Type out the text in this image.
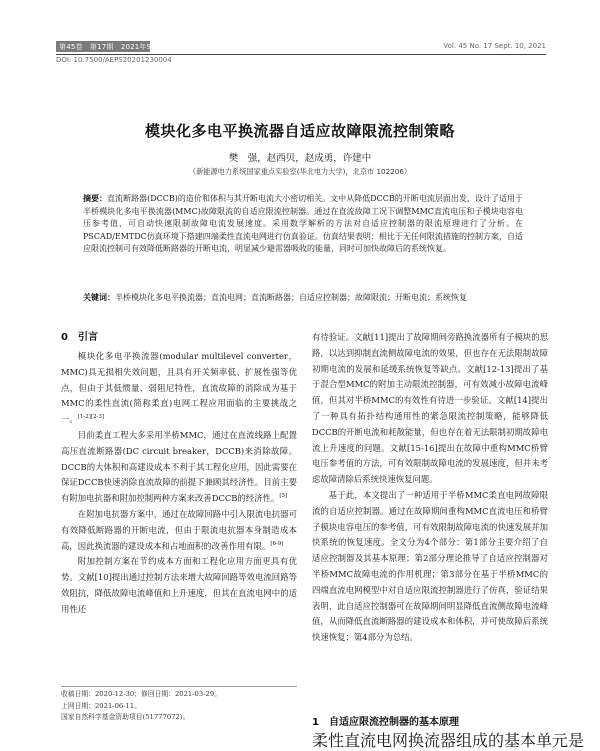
第45卷　第17期　2021年9月10日	Vol. 45 No. 17 Sept. 10, 2021
DOI: 10.7500/AEPS20201230004
模块化多电平换流器自适应故障限流控制策略
樊　强，赵西贝，赵成勇，许建中
（新能源电力系统国家重点实验室(华北电力大学)，北京市 102206）
摘要：直流断路器(DCCB)的造价和体积与其开断电流大小密切相关。文中从降低DCCB的开断电流层面出发，设计了适用于半桥模块化多电平换流器(MMC)故障限流的自适应限流控制器。通过在直流故障工况下调整MMC直流电压和子模块电容电压参考值，可自动快速限制故障电流发展速度。采用数学解析的方法对自适应控制器的限流原理进行了分析。在PSCAD/EMTDC仿真环境下搭建四端柔性直流电网进行仿真验证。仿真结果表明：相比于无任何限流措施的控制方案，自适应限流控制可有效降低断路器的开断电流，明显减少避雷器吸收的能量，同时可加快故障后的系统恢复。
关键词：半桥模块化多电平换流器；直流电网；直流断路器；自适应控制器；故障限流；开断电流；系统恢复
0　引言

模块化多电平换流器(modular multilevel converter，MMC)具无损相失效问题，且具有开关频率低、扩展性强等优点，但由于其低惯量、弱阻尼特性，直流故障的消除成为基于MMC的柔性直流(简称柔直)电网工程应用面临的主要挑战之一。[1-2][2-3]

目前柔直工程大多采用半桥MMC，通过在直流线路上配置高压直流断路器(DC circuit breaker，DCCB)来消除故障。DCCB的大体积和高建设成本不利于其工程化应用，因此需要在保证DCCB快速消除直流故障的前提下兼顾其经济性。目前主要有附加电抗器和附加控制两种方案来改善DCCB的经济性。[5]

在附加电抗器方案中，通过在故障回路中引入限流电抗器可有效降低断路器的开断电流，但由于限流电抗器本身制造成本高，因此换流器的建设成本和占地面积的改善作用有限。[6-9]

附加控制方案在节约成本方面和工程化应用方面更具有优势。文献[10]提出通过控制方法来增大故障回路等效电流回路等效阻抗，降低故障电流峰值和上升速度，但其在直流电网中的适用性还

有待验证。文献[11]提出了故障期间旁路换流器所有子模块的思路，以达到抑制直流侧故障电流的效果，但也存在无法限制故障初期电流的发展和延缓系统恢复等缺点。文献[12-13]提出了基于混合型MMC的附加主动限流控制器，可有效减小故障电流峰值，但其对半桥MMC的有效性有待进一步验证。文献[14]提出了一种具有拓扑结构通用性的紧急限流控制策略，能够降低DCCB的开断电流和耗散能量，但也存在着无法限制初期故障电流上升速度的问题。文献[15-16]提出在故障中重构MMC桥臂电压参考值的方法，可有效限制故障电流的发展速度，但并未考虑故障清除后系统快速恢复问题。

基于此，本文提出了一种适用于半桥MMC柔直电网故障限流的自适应控制器。通过在故障期间重构MMC直流电压和桥臂子模块电容电压的参考值，可有效限制故障电流的快速发展并加快系统的恢复速度。全文分为4个部分：第1部分主要介绍了自适应控制器及其基本原理；第2部分理论推导了自适应控制器对半桥MMC故障电流的作用机理；第3部分在基于半桥MMC的四端直流电网模型中对自适应限流控制器进行了仿真，验证结果表明，此自适应控制器可在故障期间明显降低直流侧故障电流峰值，从而降低直流断路器的建设成本和体积，并可使故障后系统快速恢复；第4部分为总结。

收稿日期：2020-12-30；修回日期：2021-03-29。
上网日期：2021-06-11。
国家自然科学基金资助项目(51777072)。	1　自适应限流控制器的基本原理
柔性直流电网换流器组成的基本单元是
